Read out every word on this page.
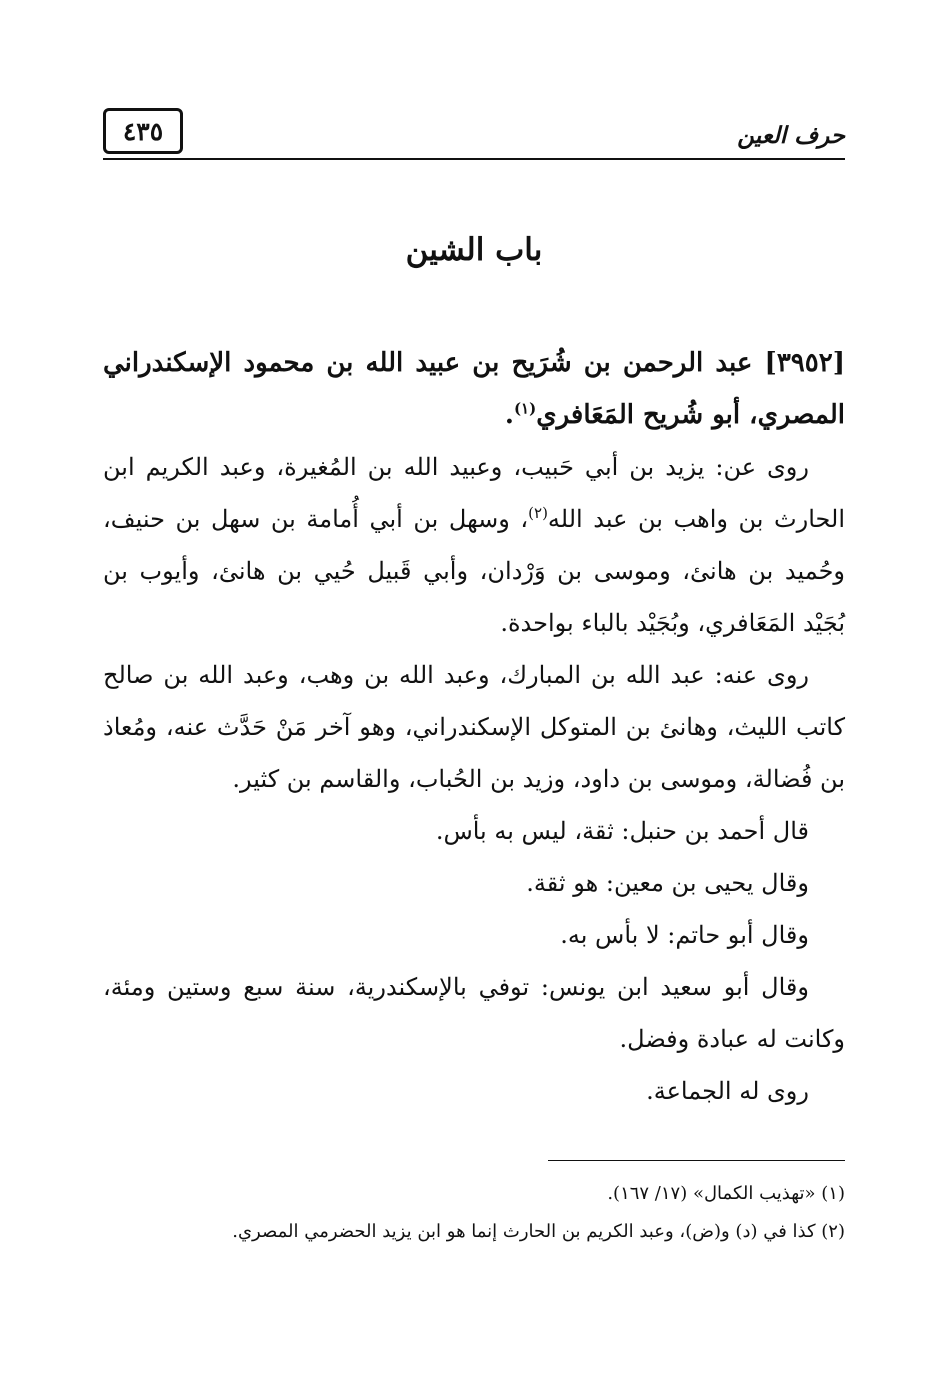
٤٣٥	حرف العين
باب الشين

[٣٩٥٢] عبد الرحمن بن شُرَيح بن عبيد الله بن محمود الإسكندراني المصري، أبو شُريح المَعَافري$^{(١)}$.

روى عن: يزيد بن أبي حَبيب، وعبيد الله بن المُغيرة، وعبد الكريم ابن الحارث بن واهب بن عبد الله$^{(٢)}$، وسهل بن أبي أُمامة بن سهل بن حنيف، وحُميد بن هانئ، وموسى بن وَرْدان، وأبي قَبيل حُيي بن هانئ، وأيوب بن بُجَيْد المَعَافري، وبُجَيْد بالباء بواحدة.

روى عنه: عبد الله بن المبارك، وعبد الله بن وهب، وعبد الله بن صالح كاتب الليث، وهانئ بن المتوكل الإسكندراني، وهو آخر مَنْ حَدَّث عنه، ومُعاذ بن فُضالة، وموسى بن داود، وزيد بن الحُباب، والقاسم بن كثير.

قال أحمد بن حنبل: ثقة، ليس به بأس.

وقال يحيى بن معين: هو ثقة.

وقال أبو حاتم: لا بأس به.

وقال أبو سعيد ابن يونس: توفي بالإسكندرية، سنة سبع وستين ومئة، وكانت له عبادة وفضل.

روى له الجماعة.

(١) «تهذيب الكمال» (١٧/ ١٦٧).

(٢) كذا في (د) و(ض)، وعبد الكريم بن الحارث إنما هو ابن يزيد الحضرمي المصري.
